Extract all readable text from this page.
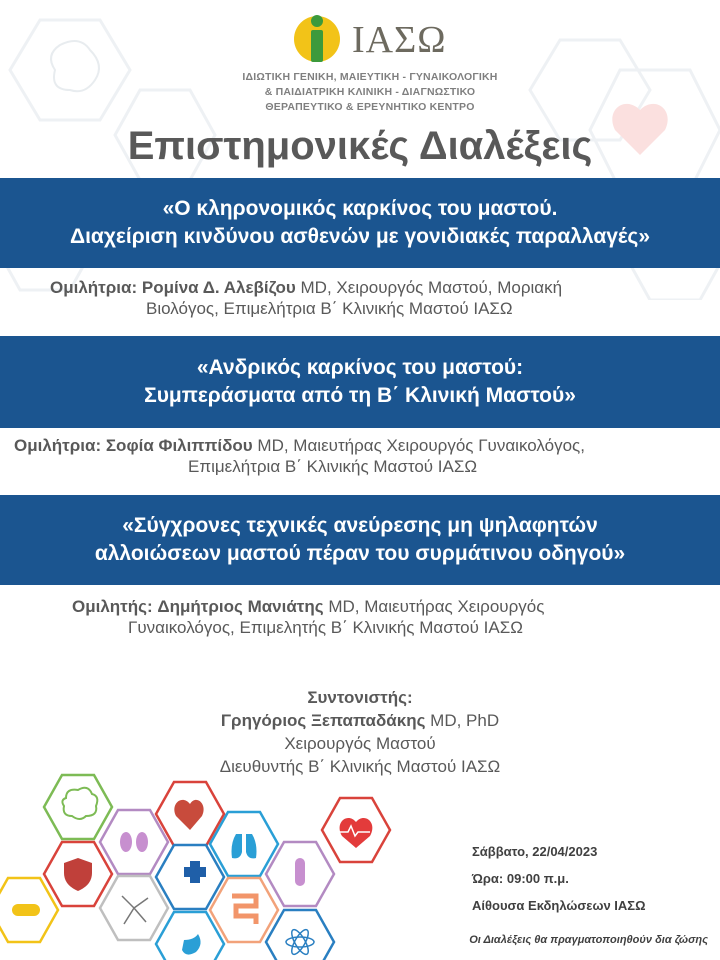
ΙΑΣΩ
ΙΔΙΩΤΙΚΗ ΓΕΝΙΚΗ, ΜΑΙΕΥΤΙΚΗ - ΓΥΝΑΙΚΟΛΟΓΙΚΗ
& ΠΑΙΔΙΑΤΡΙΚΗ ΚΛΙΝΙΚΗ - ΔΙΑΓΝΩΣΤΙΚΟ
ΘΕΡΑΠΕΥΤΙΚΟ & ΕΡΕΥΝΗΤΙΚΟ ΚΕΝΤΡΟ
Επιστημονικές Διαλέξεις
«Ο κληρονομικός καρκίνος του μαστού.
Διαχείριση κινδύνου ασθενών με γονιδιακές παραλλαγές»
Ομιλήτρια: Ρομίνα Δ. Αλεβίζου MD, Χειρουργός Μαστού, Μοριακή
Βιολόγος, Επιμελήτρια Β΄ Κλινικής Μαστού ΙΑΣΩ
«Ανδρικός καρκίνος του μαστού:
Συμπεράσματα από τη Β΄ Κλινική Μαστού»
Ομιλήτρια: Σοφία Φιλιππίδου MD, Μαιευτήρας Χειρουργός Γυναικολόγος,
Επιμελήτρια Β΄ Κλινικής Μαστού ΙΑΣΩ
«Σύγχρονες τεχνικές ανεύρεσης μη ψηλαφητών
αλλοιώσεων μαστού πέραν του συρμάτινου οδηγού»
Ομιλητής: Δημήτριος Μανιάτης MD, Μαιευτήρας Χειρουργός
Γυναικολόγος, Επιμελητής Β΄ Κλινικής Μαστού ΙΑΣΩ
Συντονιστής:
Γρηγόριος Ξεπαπαδάκης MD, PhD
Χειρουργός Μαστού
Διευθυντής Β΄ Κλινικής Μαστού ΙΑΣΩ
Σάββατο, 22/04/2023
Ώρα: 09:00 π.μ.
Αίθουσα Εκδηλώσεων ΙΑΣΩ
Οι Διαλέξεις θα πραγματοποιηθούν δια ζώσης
